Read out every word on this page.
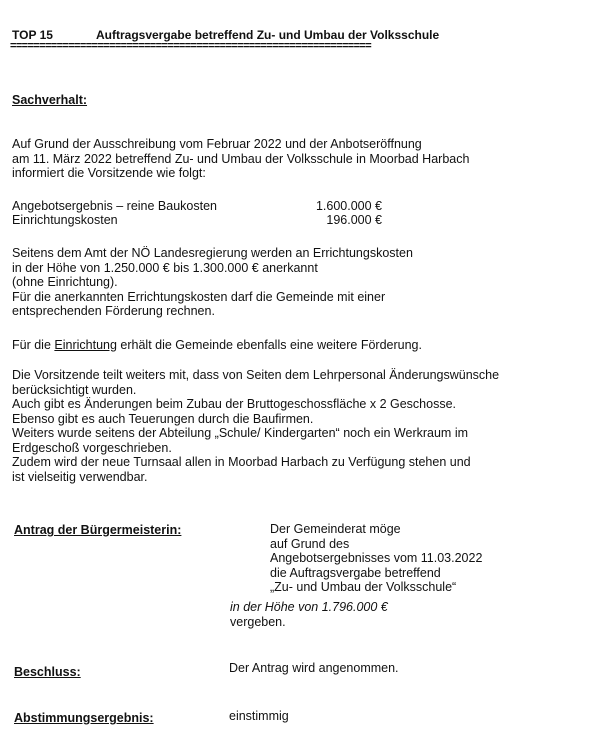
TOP 15	Auftragsvergabe betreffend Zu- und Umbau der Volksschule
==============================================================
Sachverhalt:
Auf Grund der Ausschreibung vom Februar 2022 und der Anbotseröffnung
am 11. März 2022 betreffend Zu- und Umbau der Volksschule in Moorbad Harbach
informiert die Vorsitzende wie folgt:
Angebotsergebnis – reine Baukosten	1.600.000 €
Einrichtungskosten	196.000 €
Seitens dem Amt der NÖ Landesregierung werden an Errichtungskosten
in der Höhe von 1.250.000 € bis 1.300.000 € anerkannt
(ohne Einrichtung).
Für die anerkannten Errichtungskosten darf die Gemeinde mit einer
entsprechenden Förderung rechnen.
Für die Einrichtung erhält die Gemeinde ebenfalls eine weitere Förderung.
Die Vorsitzende teilt weiters mit, dass von Seiten dem Lehrpersonal Änderungswünsche
berücksichtigt wurden.
Auch gibt es Änderungen beim Zubau der Bruttogeschossfläche x 2 Geschosse.
Ebenso gibt es auch Teuerungen durch die Baufirmen.
Weiters wurde seitens der Abteilung „Schule/ Kindergarten“ noch ein Werkraum im
Erdgeschoß vorgeschrieben.
Zudem wird der neue Turnsaal allen in Moorbad Harbach zu Verfügung stehen und
ist vielseitig verwendbar.
Antrag der Bürgermeisterin:	Der Gemeinderat möge
auf Grund des
Angebotsergebnisses vom 11.03.2022
die Auftragsvergabe betreffend
„Zu- und Umbau der Volksschule“
in der Höhe von 1.796.000 €
vergeben.
Beschluss:	Der Antrag wird angenommen.
Abstimmungsergebnis:	einstimmig
